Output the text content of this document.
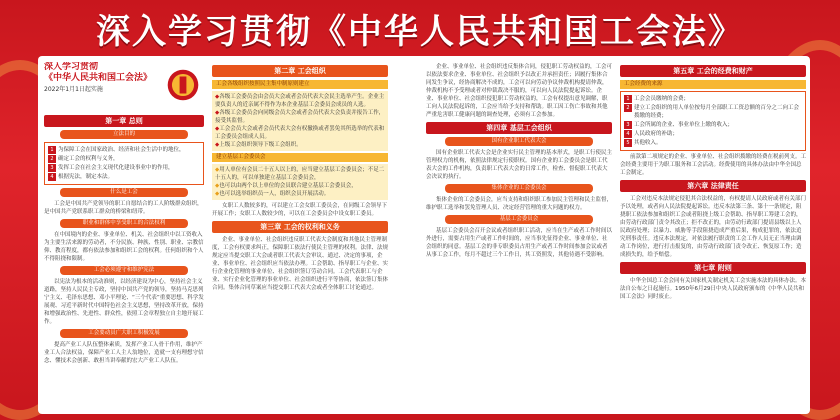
深入学习贯彻《中华人民共和国工会法》
深入学习贯彻
《中华人民共和国工会法》
2022年1月1日起实施
第一章 总则
立法目的
1 为保障工会在国家政治、经济和社会生活中的地位，
2 确定工会的权利与义务，
3 发挥工会在社会主义现代化建设事业中的作用，
4 根据宪法，制定本法。
什么是工会
工会是中国共产党领导的职工自愿结合的工人阶级群众组织，是中国共产党联系职工群众的桥梁和纽带。
职业和群体中享受职工的合法权利
在中国境内的企业、事业单位、机关、社会组织中以工资收入为主要生活来源的劳动者，不分民族、种族、性别、职业、宗教信仰、教育程度，都有依法参加和组织工会的权利。任何组织和个人不得阻挠和限制。
工会必须遵守和维护宪法
以宪法为根本的活动准则，以经济建设为中心，坚持社会主义道路，坚持人民民主专政，坚持中国共产党的领导，坚持马克思列宁主义、毛泽东思想、邓小平理论、“三个代表”重要思想、科学发展观、习近平新时代中国特色社会主义思想，坚持改革开放，保持和增强政治性、先进性、群众性，依照工会章程独立自主地开展工作。
工会要动员广大职工积极发展
提高产业工人队伍整体素质，发挥产业工人骨干作用，维护产业工人合法权益，保障产业工人主人翁地位，造就一支有理想守信念、懂技术会创新、敢担当讲奉献的宏大产业工人队伍。
第二章 工会组织
工会各级组织按照民主集中制原则建立
◆各级工会委员会由会员大会或者会员代表大会民主选举产生。企业主要负责人的近亲属不得作为本企业基层工会委员会成员的人选。
◆各级工会委员会向同级会员大会或者会员代表大会负责并报告工作，接受其监督。
◆工会会员大会或者会员代表大会有权撤换或者罢免其所选举的代表和工会委员会组成人员。
◆上级工会组织领导下级工会组织。
建立基层工会委员会
◆用人单位有会员二十五人以上的，应当建立基层工会委员会；不足二十五人的，可以单独建立基层工会委员会，
◆也可以由两个以上单位的会员联合建立基层工会委员会，
◆也可以选举组织员一人，组织会员开展活动。
女职工人数较多的，可以建立工会女职工委员会，在同级工会领导下开展工作；女职工人数较少的，可以在工会委员会中设女职工委员。
第三章 工会的权利和义务
企业、事业单位、社会组织违反职工代表大会制度和其他民主管理制度，工会有权要求纠正，保障职工依法行使民主管理的权利。法律、法规规定应当提交职工大会或者职工代表大会审议、通过、决定的事项，企业、事业单位、社会组织应当依法办理。工会帮助、指导职工与企业、实行企业化管理的事业单位、社会组织签订劳动合同。工会代表职工与企业、实行企业化管理的事业单位、社会组织进行平等协商，依法签订集体合同。集体合同草案应当提交职工代表大会或者全体职工讨论通过。
企业、事业单位、社会组织违反集体合同，侵犯职工劳动权益的，工会可以依法要求企业、事业单位、社会组织予以改正并承担责任；因履行集体合同发生争议，经协商解决不成的，工会可以向劳动争议仲裁机构提请仲裁，仲裁机构不予受理或者对仲裁裁决不服的，可以向人民法院提起诉讼。企业、事业单位、社会组织侵犯职工劳动权益的，工会有权提出意见调解，职工向人民法院起诉的，工会应当给予支持和帮助。职工因工伤亡事故和其他严重危害职工健康问题的调查处理，必须有工会参加。
第四章 基层工会组织
国有企业职工代表大会
国有企业职工代表大会是企业实行民主管理的基本形式，是职工行使民主管理权力的机构，依照法律规定行使职权。国有企业的工会委员会是职工代表大会的工作机构，负责职工代表大会的日常工作，检查、督促职工代表大会决议的执行。
集体企业的工会委员会
集体企业的工会委员会，应当支持和组织职工参加民主管理和民主监督，维护职工选举和罢免管理人员、决定经营管理的重大问题的权力。
基层工会委员会
基层工会委员会召开会议或者组织职工活动，应当在生产或者工作时间以外进行，需要占用生产或者工作时间的，应当事先征得企业、事业单位、社会组织的同意。基层工会的非专职委员占用生产或者工作时间参加会议或者从事工会工作，每月不超过三个工作日，其工资照发，其他待遇不受影响。
第五章 工会的经费和财产
工会经费的来源
1 工会会员缴纳的会费；
2 建立工会组织的用人单位按每月全部职工工资总额的百分之二向工会拨缴的经费；
3 工会所属的企业、事业单位上缴的收入；
4 人民政府的补助；
5 其他收入。
前款第二项规定的企业、事业单位、社会组织拨缴的经费在税前列支。工会经费主要用于为职工服务和工会活动。经费使用的具体办法由中华全国总工会制定。
第六章 法律责任
工会对违反本法规定侵犯其合法权益的，有权提请人民政府或者有关部门予以处理，或者向人民法院提起诉讼。违反本法第三条、第十一条规定，阻挠职工依法参加和组织工会或者阻挠上级工会帮助、指导职工筹建工会的，由劳动行政部门责令其改正；拒不改正的，由劳动行政部门提请县级以上人民政府处理；以暴力、威胁等手段阻挠造成严重后果，构成犯罪的，依法追究刑事责任。违反本法规定，对依法履行职责的工会工作人员无正当理由调动工作岗位，进行打击报复的，由劳动行政部门责令改正、恢复原工作；造成损失的，给予赔偿。
第七章 附则
中华全国总工会会同有关国家机关制定机关工会实施本法的具体办法。本法自公布之日起施行。1950年6月29日中央人民政府颁布的《中华人民共和国工会法》同时废止。
